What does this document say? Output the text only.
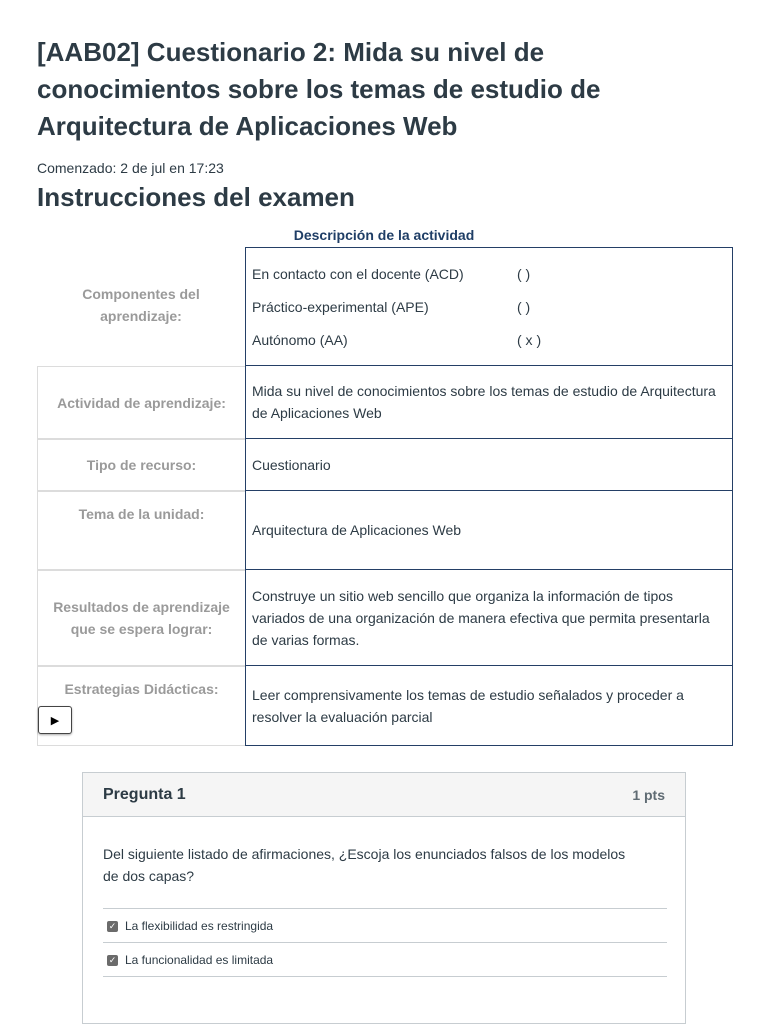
[AAB02] Cuestionario 2: Mida su nivel de conocimientos sobre los temas de estudio de Arquitectura de Aplicaciones Web
Comenzado: 2 de jul en 17:23
Instrucciones del examen
Descripción de la actividad
Componentes del aprendizaje:
En contacto con el docente (ACD)	( )
Práctico-experimental (APE)	( )
Autónomo (AA)	( x )
Actividad de aprendizaje:
Mida su nivel de conocimientos sobre los temas de estudio de Arquitectura de Aplicaciones Web
Tipo de recurso:	Cuestionario
Tema de la unidad:
Arquitectura de Aplicaciones Web
Resultados de aprendizaje que se espera lograr:
Construye un sitio web sencillo que organiza la información de tipos variados de una organización de manera efectiva que permita presentarla de varias formas.
Estrategias Didácticas:	Leer comprensivamente los temas de estudio señalados y proceder a resolver la evaluación parcial
▶
Pregunta 1	1 pts
Del siguiente listado de afirmaciones, ¿Escoja los enunciados falsos de los modelos de dos capas?
✓ La flexibilidad es restringida
✓ La funcionalidad es limitada
